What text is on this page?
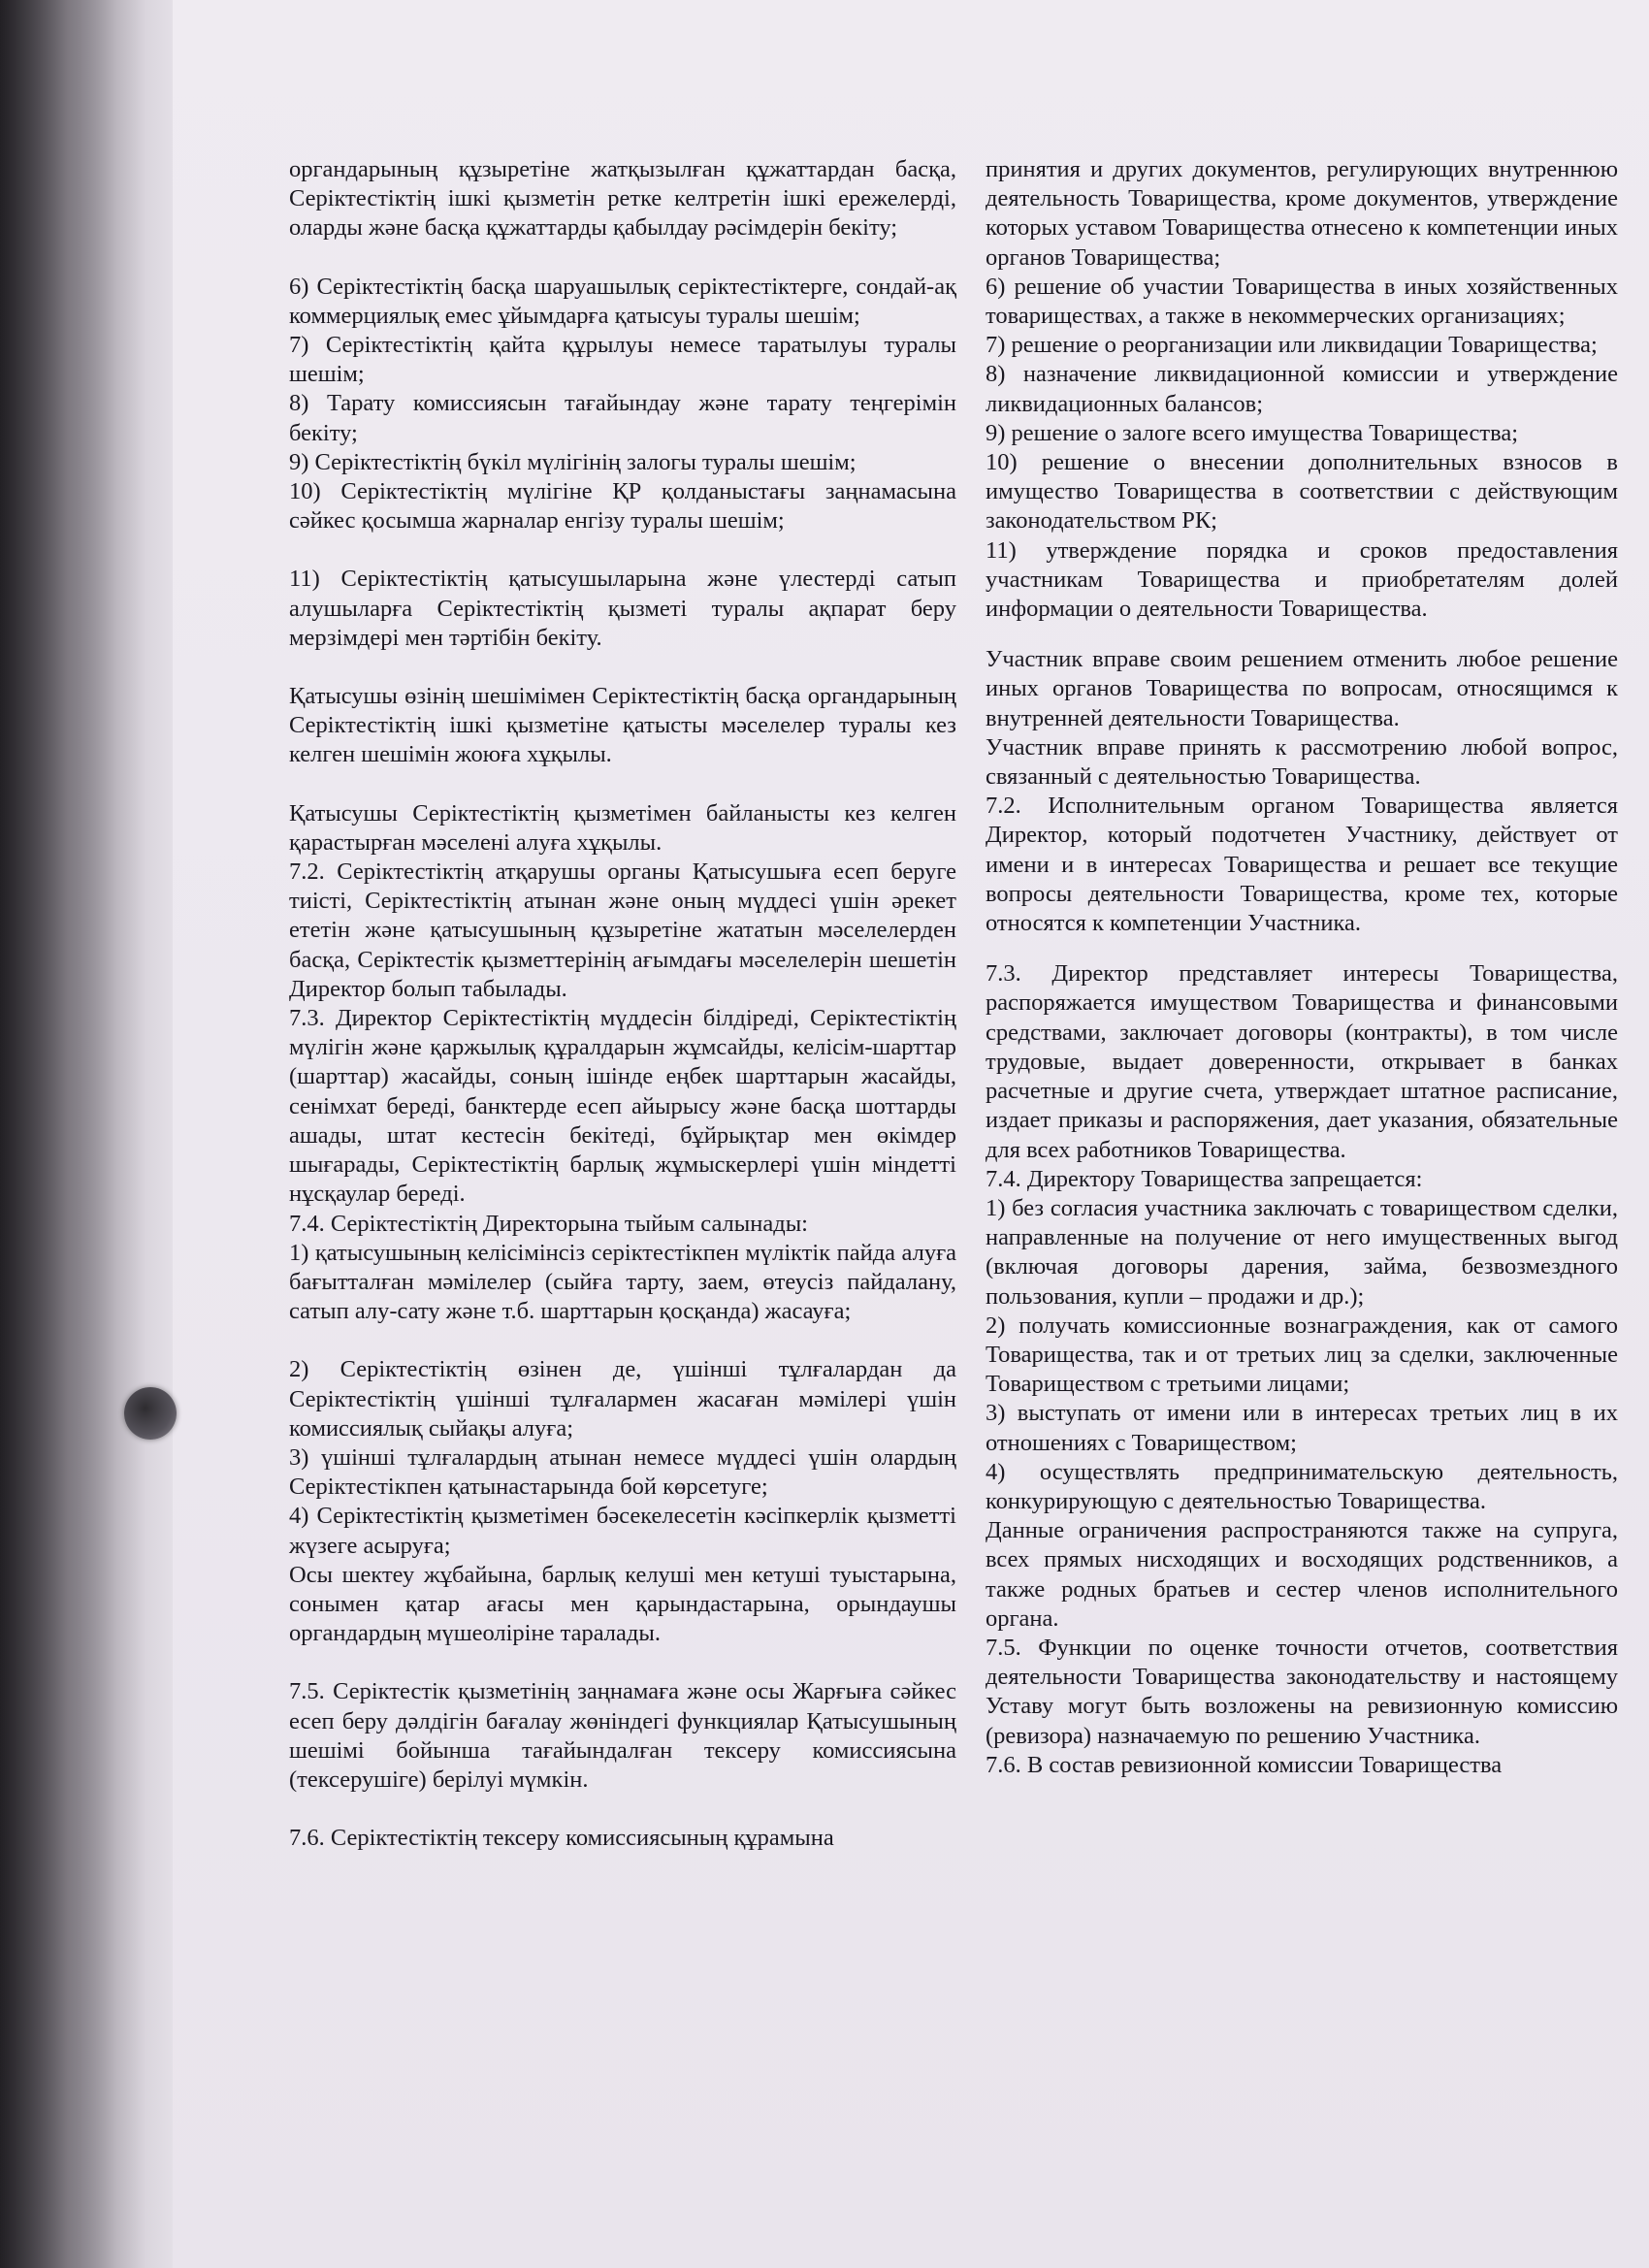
органдарының құзыретіне жатқызылған құжаттардан басқа, Серіктестіктің ішкі қызметін ретке келтретін ішкі ережелерді, оларды және басқа құжаттарды қабылдау рәсімдерін бекіту;

6) Серіктестіктің басқа шаруашылық серіктестіктерге, сондай-ақ коммерциялық емес ұйымдарға қатысуы туралы шешім;

7) Серіктестіктің қайта құрылуы немесе таратылуы туралы шешім;

8) Тарату комиссиясын тағайындау және тарату теңгерімін бекіту;

9) Серіктестіктің бүкіл мүлігінің залогы туралы шешім;

10) Серіктестіктің мүлігіне ҚР қолданыстағы заңнамасына сәйкес қосымша жарналар енгізу туралы шешім;

11) Серіктестіктің қатысушыларына және үлестерді сатып алушыларға Серіктестіктің қызметі туралы ақпарат беру мерзімдері мен тәртібін бекіту.

Қатысушы өзінің шешімімен Серіктестіктің басқа органдарының Серіктестіктің ішкі қызметіне қатысты мәселелер туралы кез келген шешімін жоюға хұқылы.

Қатысушы Серіктестіктің қызметімен байланысты кез келген қарастырған мәселені алуға хұқылы.

7.2. Серіктестіктің атқарушы органы Қатысушыға есеп беруге тиісті, Серіктестіктің атынан және оның мүддесі үшін әрекет ететін және қатысушының құзыретіне жататын мәселелерден басқа, Серіктестік қызметтерінің ағымдағы мәселелерін шешетін Директор болып табылады.

7.3. Директор Серіктестіктің мүддесін білдіреді, Серіктестіктің мүлігін және қаржылық құралдарын жұмсайды, келісім-шарттар (шарттар) жасайды, соның ішінде еңбек шарттарын жасайды, сенімхат береді, банктерде есеп айырысу және басқа шоттарды ашады, штат кестесін бекітеді, бұйрықтар мен өкімдер шығарады, Серіктестіктің барлық жұмыскерлері үшін міндетті нұсқаулар береді.

7.4. Серіктестіктің Директорына тыйым салынады:

1) қатысушының келісімінсіз серіктестікпен мүліктік пайда алуға бағытталған мәмілелер (сыйға тарту, заем, өтеусіз пайдалану, сатып алу-сату және т.б. шарттарын қосқанда) жасауға;

2) Серіктестіктің өзінен де, үшінші тұлғалардан да Серіктестіктің үшінші тұлғалармен жасаған мәмілері үшін комиссиялық сыйақы алуға;

3) үшінші тұлғалардың атынан немесе мүддесі үшін олардың Серіктестікпен қатынастарында бой көрсетуге;

4) Серіктестіктің қызметімен бәсекелесетін кәсіпкерлік қызметті жүзеге асыруға;

Осы шектеу жұбайына, барлық келуші мен кетуші туыстарына, сонымен қатар ағасы мен қарындастарына, орындаушы органдардың мүшеоліріне таралады.

7.5. Серіктестік қызметінің заңнамаға және осы Жарғыға сәйкес есеп беру дәлдігін бағалау жөніндегі функциялар Қатысушының шешімі бойынша тағайындалған тексеру комиссиясына (тексерушіге) берілуі мүмкін.

7.6. Серіктестіктің тексеру комиссиясының құрамына

принятия и других документов, регулирующих внутреннюю деятельность Товарищества, кроме документов, утверждение которых уставом Товарищества отнесено к компетенции иных органов Товарищества;

6) решение об участии Товарищества в иных хозяйственных товариществах, а также в некоммерческих организациях;

7) решение о реорганизации или ликвидации Товарищества;

8) назначение ликвидационной комиссии и утверждение ликвидационных балансов;

9) решение о залоге всего имущества Товарищества;

10) решение о внесении дополнительных взносов в имущество Товарищества в соответствии с действующим законодательством РК;

11) утверждение порядка и сроков предоставления участникам Товарищества и приобретателям долей информации о деятельности Товарищества.

Участник вправе своим решением отменить любое решение иных органов Товарищества по вопросам, относящимся к внутренней деятельности Товарищества.

Участник вправе принять к рассмотрению любой вопрос, связанный с деятельностью Товарищества.

7.2. Исполнительным органом Товарищества является Директор, который подотчетен Участнику, действует от имени и в интересах Товарищества и решает все текущие вопросы деятельности Товарищества, кроме тех, которые относятся к компетенции Участника.

7.3. Директор представляет интересы Товарищества, распоряжается имуществом Товарищества и финансовыми средствами, заключает договоры (контракты), в том числе трудовые, выдает доверенности, открывает в банках расчетные и другие счета, утверждает штатное расписание, издает приказы и распоряжения, дает указания, обязательные для всех работников Товарищества.

7.4. Директору Товарищества запрещается:

1) без согласия участника заключать с товариществом сделки, направленные на получение от него имущественных выгод (включая договоры дарения, займа, безвозмездного пользования, купли – продажи и др.);

2) получать комиссионные вознаграждения, как от самого Товарищества, так и от третьих лиц за сделки, заключенные Товариществом с третьими лицами;

3) выступать от имени или в интересах третьих лиц в их отношениях с Товариществом;

4) осуществлять предпринимательскую деятельность, конкурирующую с деятельностью Товарищества.

Данные ограничения распространяются также на супруга, всех прямых нисходящих и восходящих родственников, а также родных братьев и сестер членов исполнительного органа.

7.5. Функции по оценке точности отчетов, соответствия деятельности Товарищества законодательству и настоящему Уставу могут быть возложены на ревизионную комиссию (ревизора) назначаемую по решению Участника.

7.6. В состав ревизионной комиссии Товарищества
